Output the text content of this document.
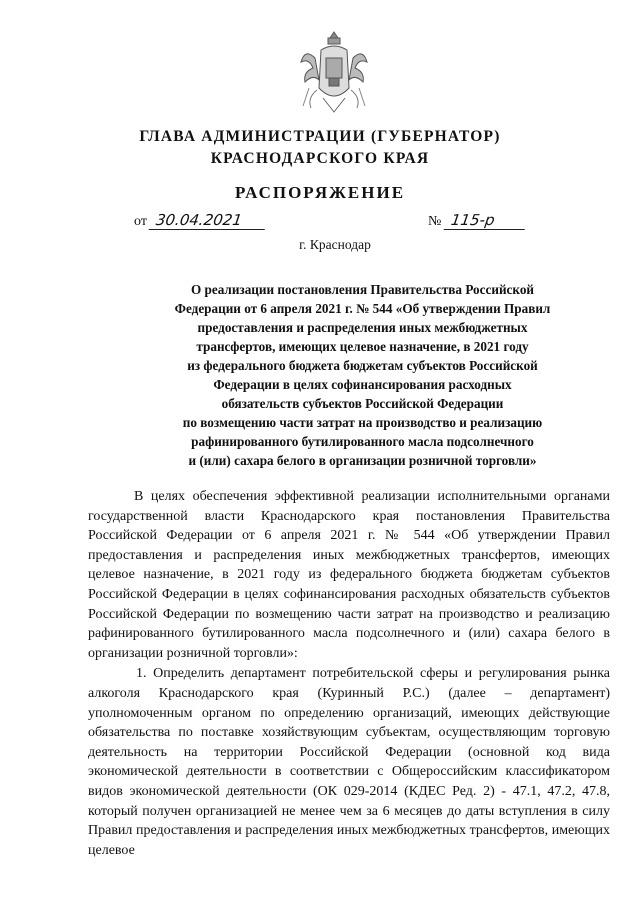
ГЛАВА АДМИНИСТРАЦИИ (ГУБЕРНАТОР)
КРАСНОДАРСКОГО КРАЯ
РАСПОРЯЖЕНИЕ
от 30.04.2021	№ 115-р
г. Краснодар
О реализации постановления Правительства Российской
Федерации от 6 апреля 2021 г. № 544 «Об утверждении Правил
предоставления и распределения иных межбюджетных
трансфертов, имеющих целевое назначение, в 2021 году
из федерального бюджета бюджетам субъектов Российской
Федерации в целях софинансирования расходных
обязательств субъектов Российской Федерации
по возмещению части затрат на производство и реализацию
рафинированного бутилированного масла подсолнечного
и (или) сахара белого в организации розничной торговли»

В целях обеспечения эффективной реализации исполнительными органами государственной власти Краснодарского края постановления Правительства Российской Федерации от 6 апреля 2021 г. № 544 «Об утверждении Правил предоставления и распределения иных межбюджетных трансфертов, имеющих целевое назначение, в 2021 году из федерального бюджета бюджетам субъектов Российской Федерации в целях софинансирования расходных обязательств субъектов Российской Федерации по возмещению части затрат на производство и реализацию рафинированного бутилированного масла подсолнечного и (или) сахара белого в организации розничной торговли»:

1. Определить департамент потребительской сферы и регулирования рынка алкоголя Краснодарского края (Куринный Р.С.) (далее – департамент) уполномоченным органом по определению организаций, имеющих действующие обязательства по поставке хозяйствующим субъектам, осуществляющим торговую деятельность на территории Российской Федерации (основной код вида экономической деятельности в соответствии с Общероссийским классификатором видов экономической деятельности (ОК 029-2014 (КДЕС Ред. 2) - 47.1, 47.2, 47.8, который получен организацией не менее чем за 6 месяцев до даты вступления в силу Правил предоставления и распределения иных межбюджетных трансфертов, имеющих целевое
